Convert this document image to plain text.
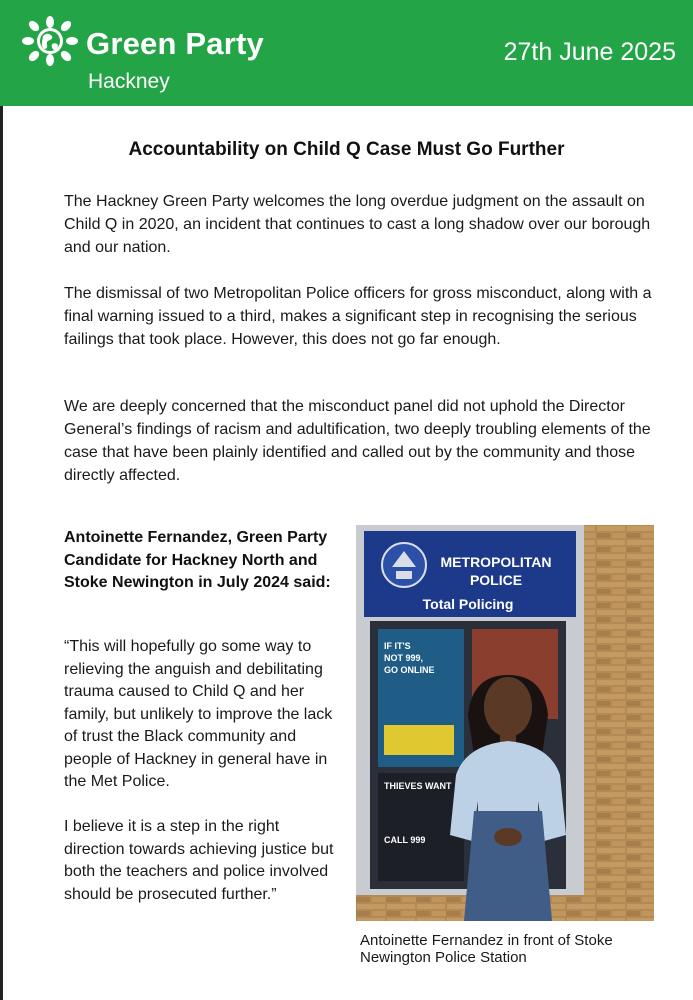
Green Party
Hackney
27th June 2025
Accountability on Child Q Case Must Go Further

The Hackney Green Party welcomes the long overdue judgment on the assault on Child Q in 2020, an incident that continues to cast a long shadow over our borough and our nation.

The dismissal of two Metropolitan Police officers for gross misconduct, along with a final warning issued to a third, makes a significant step in recognising the serious failings that took place. However, this does not go far enough.

We are deeply concerned that the misconduct panel did not uphold the Director General’s findings of racism and adultification, two deeply troubling elements of the case that have been plainly identified and called out by the community and those directly affected.

Antoinette Fernandez, Green Party Candidate for Hackney North and Stoke Newington in July 2024 said:

“This will hopefully go some way to relieving the anguish and debilitating trauma caused to Child Q and her family, but unlikely to improve the lack of trust the Black community and people of Hackney in general have in the Met Police.

I believe it is a step in the right direction towards achieving justice but both the teachers and police involved should be prosecuted further.”

METROPOLITAN
POLICE
Total Policing
IF IT'S
NOT 999,
GO ONLINE
THIEVES WANT
CALL 999
Antoinette Fernandez in front of Stoke Newington Police Station
